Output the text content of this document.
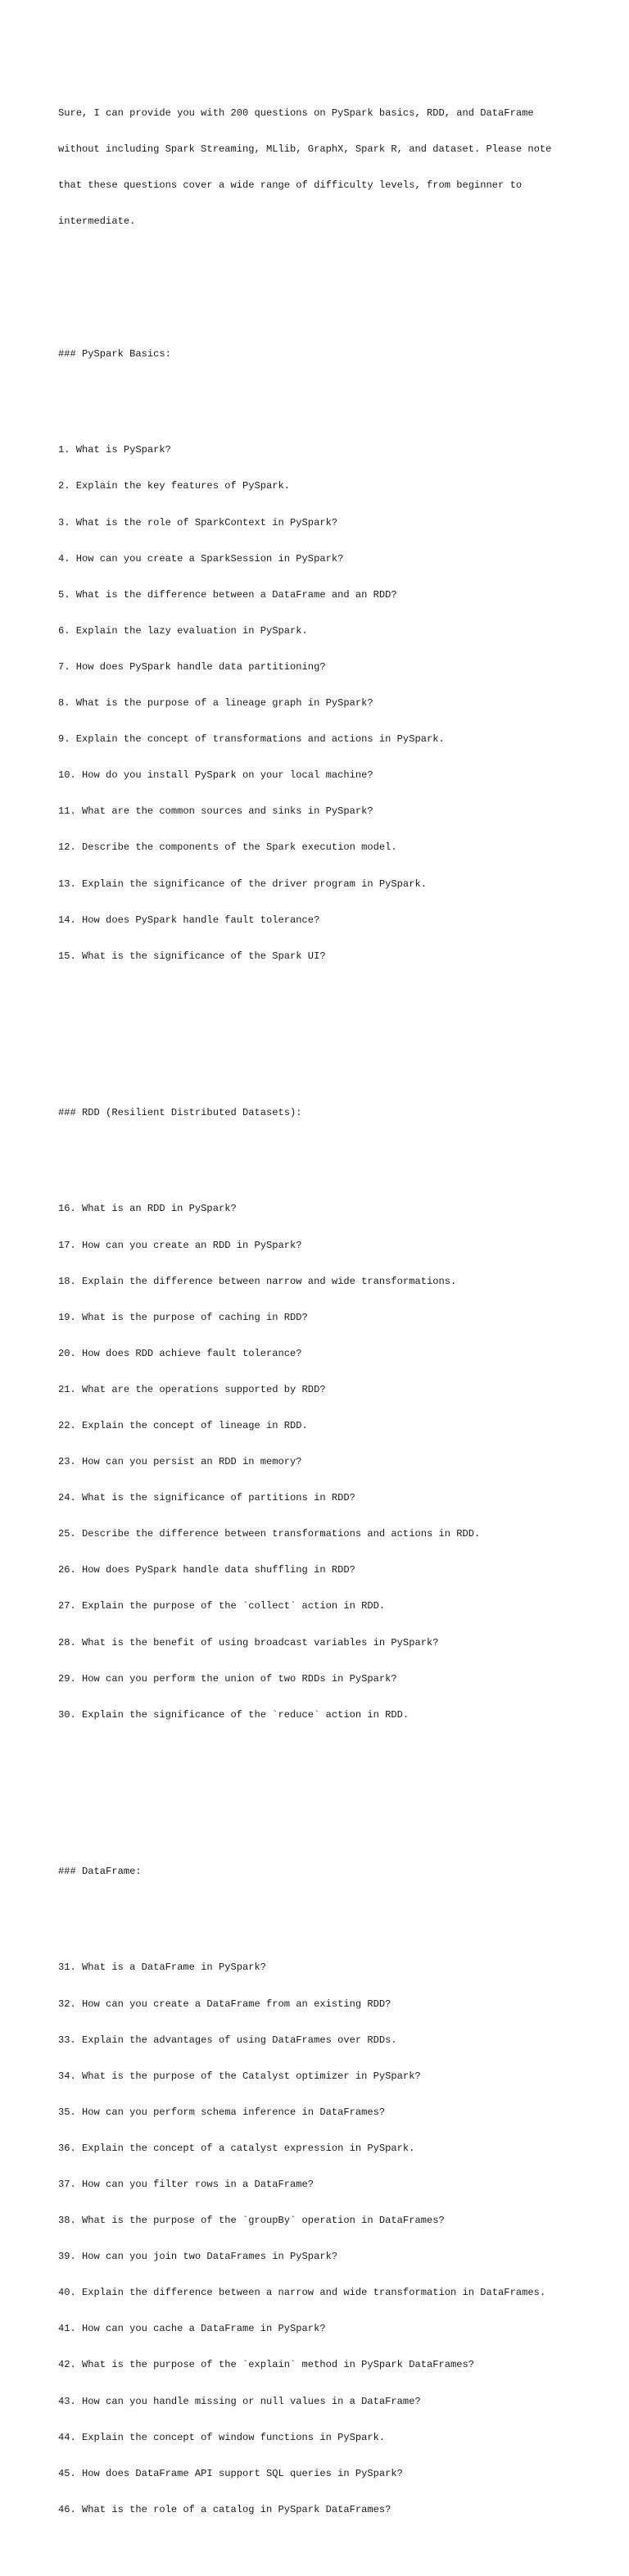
Sure, I can provide you with 200 questions on PySpark basics, RDD, and DataFrame

without including Spark Streaming, MLlib, GraphX, Spark R, and dataset. Please note

that these questions cover a wide range of difficulty levels, from beginner to

intermediate.

### PySpark Basics:

1. What is PySpark?

2. Explain the key features of PySpark.

3. What is the role of SparkContext in PySpark?

4. How can you create a SparkSession in PySpark?

5. What is the difference between a DataFrame and an RDD?

6. Explain the lazy evaluation in PySpark.

7. How does PySpark handle data partitioning?

8. What is the purpose of a lineage graph in PySpark?

9. Explain the concept of transformations and actions in PySpark.

10. How do you install PySpark on your local machine?

11. What are the common sources and sinks in PySpark?

12. Describe the components of the Spark execution model.

13. Explain the significance of the driver program in PySpark.

14. How does PySpark handle fault tolerance?

15. What is the significance of the Spark UI?

### RDD (Resilient Distributed Datasets):

16. What is an RDD in PySpark?

17. How can you create an RDD in PySpark?

18. Explain the difference between narrow and wide transformations.

19. What is the purpose of caching in RDD?

20. How does RDD achieve fault tolerance?

21. What are the operations supported by RDD?

22. Explain the concept of lineage in RDD.

23. How can you persist an RDD in memory?

24. What is the significance of partitions in RDD?

25. Describe the difference between transformations and actions in RDD.

26. How does PySpark handle data shuffling in RDD?

27. Explain the purpose of the `collect` action in RDD.

28. What is the benefit of using broadcast variables in PySpark?

29. How can you perform the union of two RDDs in PySpark?

30. Explain the significance of the `reduce` action in RDD.

### DataFrame:

31. What is a DataFrame in PySpark?

32. How can you create a DataFrame from an existing RDD?

33. Explain the advantages of using DataFrames over RDDs.

34. What is the purpose of the Catalyst optimizer in PySpark?

35. How can you perform schema inference in DataFrames?

36. Explain the concept of a catalyst expression in PySpark.

37. How can you filter rows in a DataFrame?

38. What is the purpose of the `groupBy` operation in DataFrames?

39. How can you join two DataFrames in PySpark?

40. Explain the difference between a narrow and wide transformation in DataFrames.

41. How can you cache a DataFrame in PySpark?

42. What is the purpose of the `explain` method in PySpark DataFrames?

43. How can you handle missing or null values in a DataFrame?

44. Explain the concept of window functions in PySpark.

45. How does DataFrame API support SQL queries in PySpark?

46. What is the role of a catalog in PySpark DataFrames?
